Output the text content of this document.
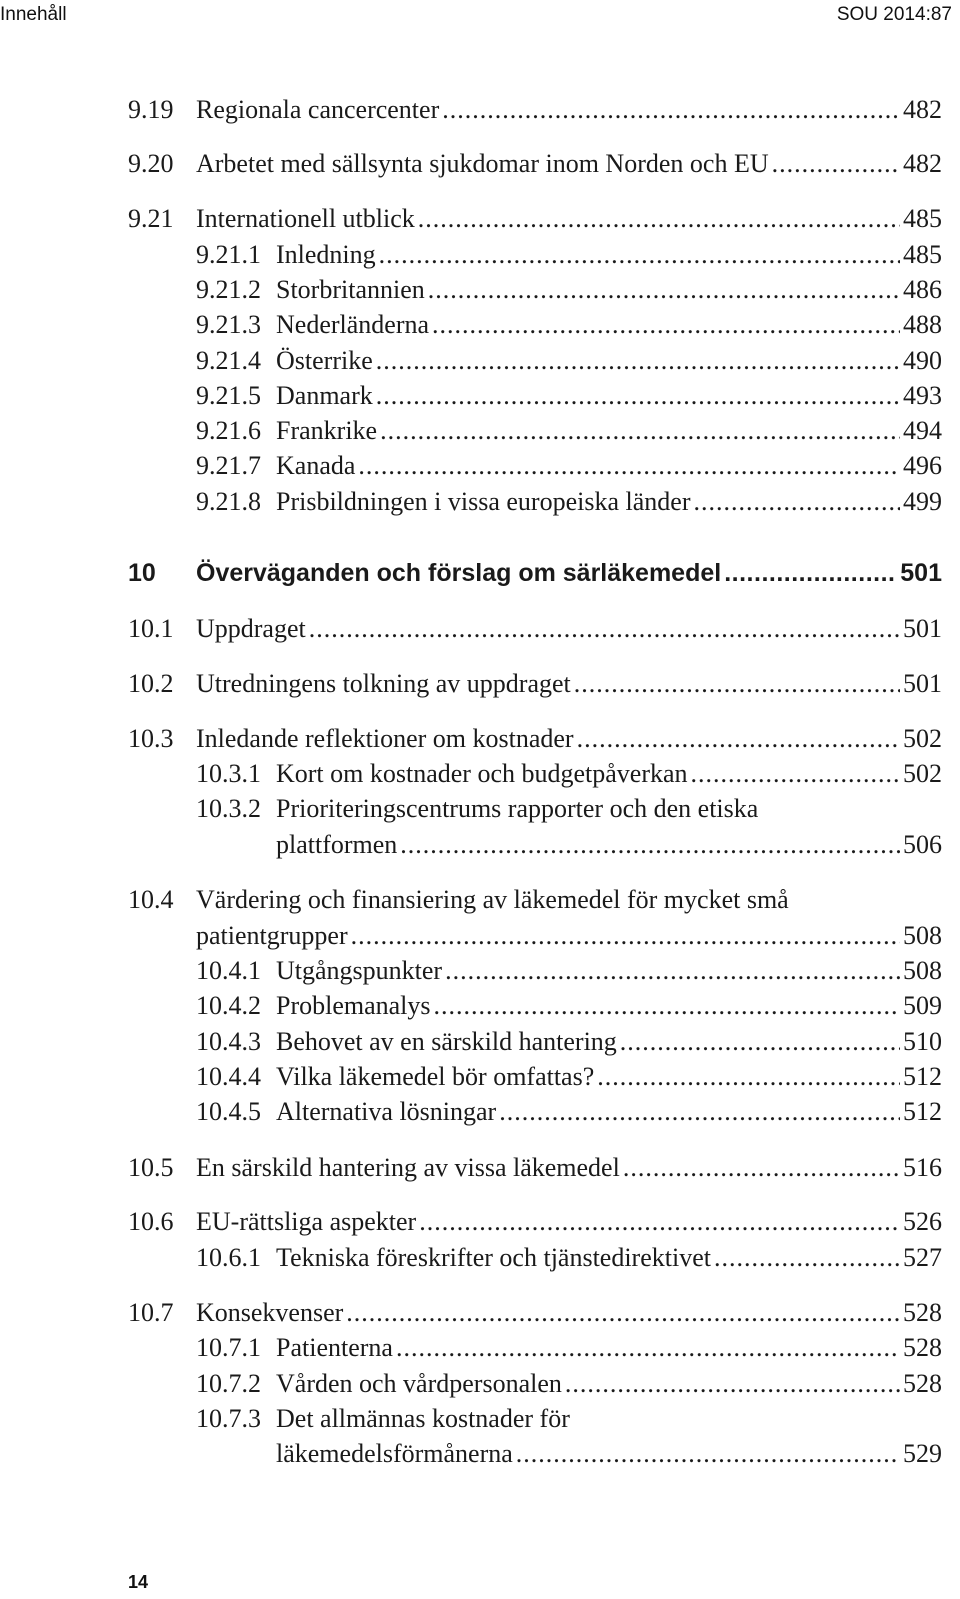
Innehåll	SOU 2014:87
9.19 Regionala cancercenter .....	482
9.20 Arbetet med sällsynta sjukdomar inom Norden och EU .....	482
9.21 Internationell utblick .....	485
9.21.1 Inledning .....	485
9.21.2 Storbritannien .....	486
9.21.3 Nederländerna .....	488
9.21.4 Österrike .....	490
9.21.5 Danmark .....	493
9.21.6 Frankrike .....	494
9.21.7 Kanada .....	496
9.21.8 Prisbildningen i vissa europeiska länder .....	499
10 Överväganden och förslag om särläkemedel .....	501
10.1 Uppdraget .....	501
10.2 Utredningens tolkning av uppdraget .....	501
10.3 Inledande reflektioner om kostnader .....	502
10.3.1 Kort om kostnader och budgetpåverkan .....	502
10.3.2 Prioriteringscentrums rapporter och den etiska
plattformen .....	506
10.4 Värdering och finansiering av läkemedel för mycket små
patientgrupper .....	508
10.4.1 Utgångspunkter .....	508
10.4.2 Problemanalys .....	509
10.4.3 Behovet av en särskild hantering .....	510
10.4.4 Vilka läkemedel bör omfattas? .....	512
10.4.5 Alternativa lösningar .....	512
10.5 En särskild hantering av vissa läkemedel .....	516
10.6 EU-rättsliga aspekter .....	526
10.6.1 Tekniska föreskrifter och tjänstedirektivet .....	527
10.7 Konsekvenser .....	528
10.7.1 Patienterna .....	528
10.7.2 Vården och vårdpersonalen .....	528
10.7.3 Det allmännas kostnader för
läkemedelsförmånerna .....	529
14
